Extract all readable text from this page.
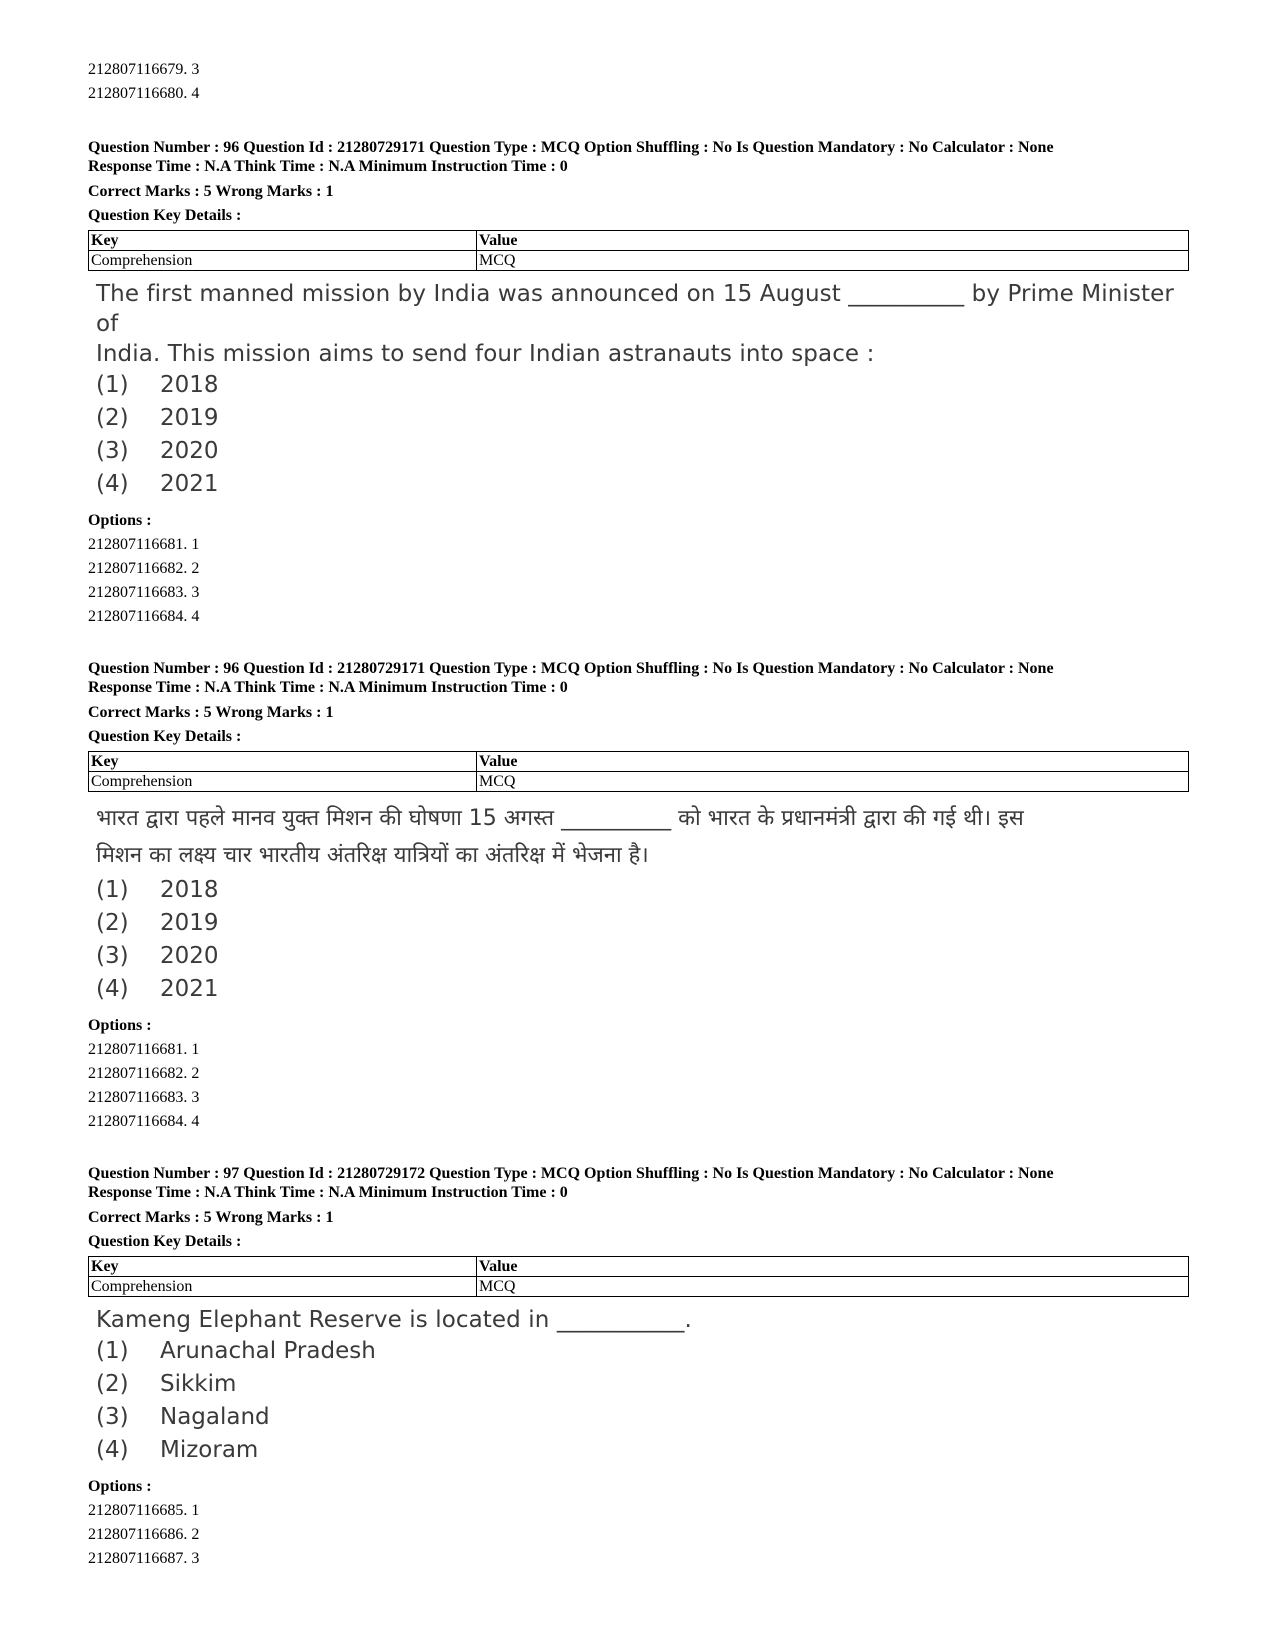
212807116679. 3
212807116680. 4
Question Number : 96 Question Id : 21280729171 Question Type : MCQ Option Shuffling : No Is Question Mandatory : No Calculator : None
Response Time : N.A Think Time : N.A Minimum Instruction Time : 0
Correct Marks : 5 Wrong Marks : 1
Question Key Details :
Key	Value
Comprehension	MCQ
The first manned mission by India was announced on 15 August __________ by Prime Minister of
India. This mission aims to send four Indian astranauts into space :
(1) 2018
(2) 2019
(3) 2020
(4) 2021
Options :
212807116681. 1
212807116682. 2
212807116683. 3
212807116684. 4
Question Number : 96 Question Id : 21280729171 Question Type : MCQ Option Shuffling : No Is Question Mandatory : No Calculator : None
Response Time : N.A Think Time : N.A Minimum Instruction Time : 0
Correct Marks : 5 Wrong Marks : 1
Question Key Details :
Key	Value
Comprehension	MCQ
भारत द्वारा पहले मानव युक्त मिशन की घोषणा 15 अगस्त __________ को भारत के प्रधानमंत्री द्वारा की गई थी। इस
मिशन का लक्ष्य चार भारतीय अंतरिक्ष यात्रियों का अंतरिक्ष में भेजना है।
(1) 2018
(2) 2019
(3) 2020
(4) 2021
Options :
212807116681. 1
212807116682. 2
212807116683. 3
212807116684. 4
Question Number : 97 Question Id : 21280729172 Question Type : MCQ Option Shuffling : No Is Question Mandatory : No Calculator : None
Response Time : N.A Think Time : N.A Minimum Instruction Time : 0
Correct Marks : 5 Wrong Marks : 1
Question Key Details :
Key	Value
Comprehension	MCQ
Kameng Elephant Reserve is located in ___________.
(1) Arunachal Pradesh
(2) Sikkim
(3) Nagaland
(4) Mizoram
Options :
212807116685. 1
212807116686. 2
212807116687. 3
